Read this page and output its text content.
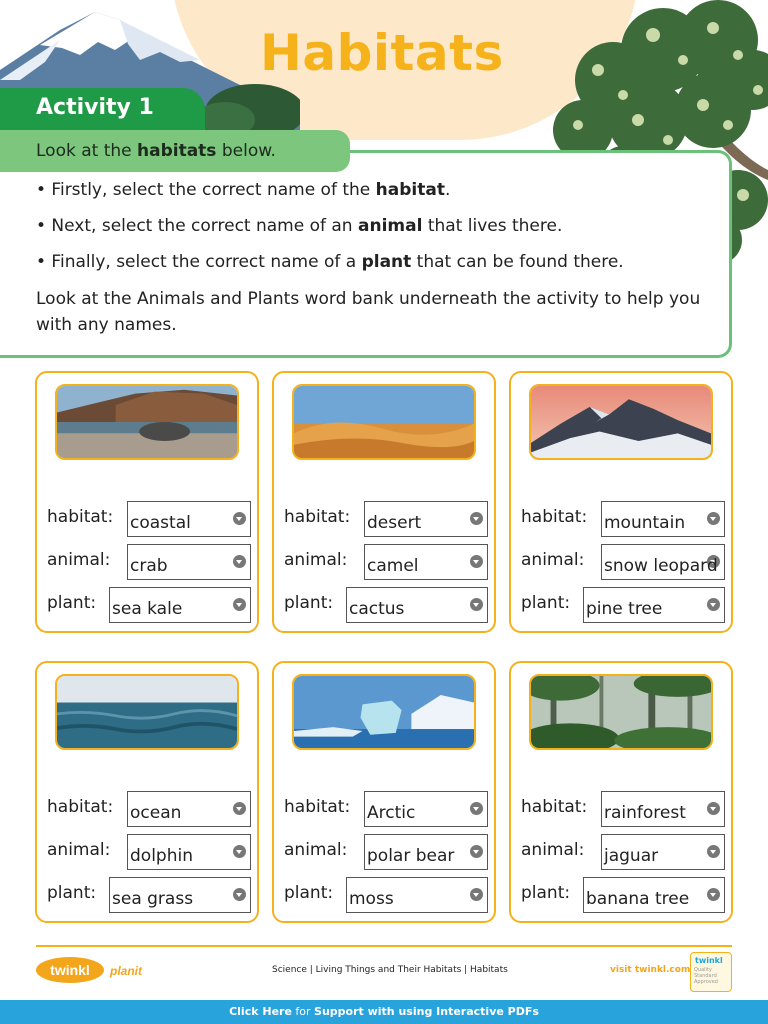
Habitats
Activity 1
Look at the habitats below.

• Firstly, select the correct name of the habitat.

• Next, select the correct name of an animal that lives there.

• Finally, select the correct name of a plant that can be found there.

Look at the Animals and Plants word bank underneath the activity to help you with any names.

habitat: coastal
animal: crab
plant: sea kale
habitat: desert
animal: camel
plant: cactus
habitat: mountain
animal: snow leopard
plant: pine tree
habitat: ocean
animal: dolphin
plant: sea grass
habitat: Arctic
animal: polar bear
plant: moss
habitat: rainforest
animal: jaguar
plant: banana tree
twinkl planit	Science | Living Things and Their Habitats | Habitats	visit twinkl.com
twinkl
Quality Standard Approved
Click Here for Support with using Interactive PDFs
